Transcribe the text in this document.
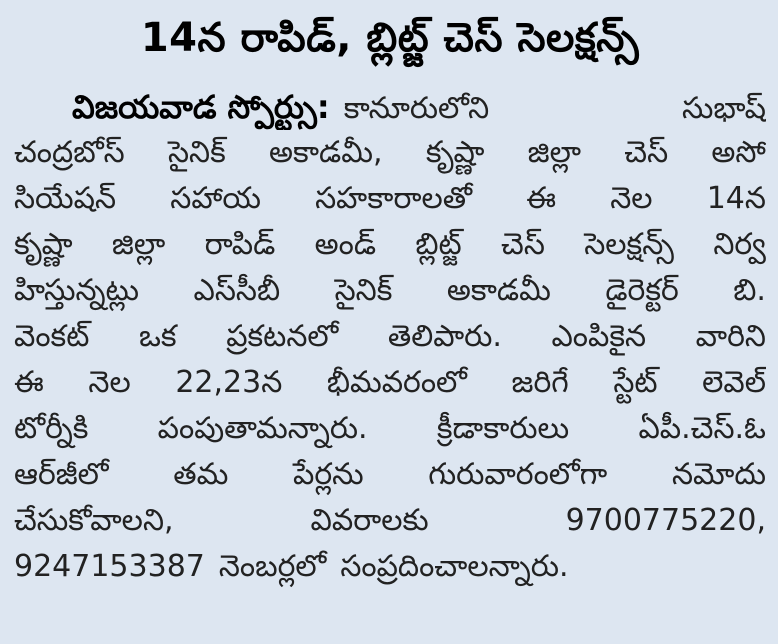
14న రాపిడ్, బ్లిట్జ్ చెస్ సెలక్షన్స్
విజయవాడ స్పోర్ట్సు: కానూరులోని	సుభాష్
చంద్రబోస్ సైనిక్ అకాడమీ, కృష్ణా జిల్లా చెస్ అసో
సియేషన్ సహాయ సహకారాలతో ఈ నెల 14న
కృష్ణా జిల్లా రాపిడ్ అండ్ బ్లిట్జ్ చెస్ సెలక్షన్స్ నిర్వ
హిస్తున్నట్లు ఎస్‌సీబీ సైనిక్ అకాడమీ డైరెక్టర్ బి.
వెంకట్ ఒక ప్రకటనలో తెలిపారు. ఎంపికైన వారిని
ఈ నెల 22,23న భీమవరంలో జరిగే స్టేట్ లెవెల్
టోర్నీకి పంపుతామన్నారు. క్రీడాకారులు ఏపీ.చెస్.ఓ
ఆర్‌జీలో తమ పేర్లను గురువారంలోగా నమోదు
చేసుకోవాలని,	వివరాలకు	9700775220,
9247153387 నెంబర్లలో సంప్రదించాలన్నారు.
